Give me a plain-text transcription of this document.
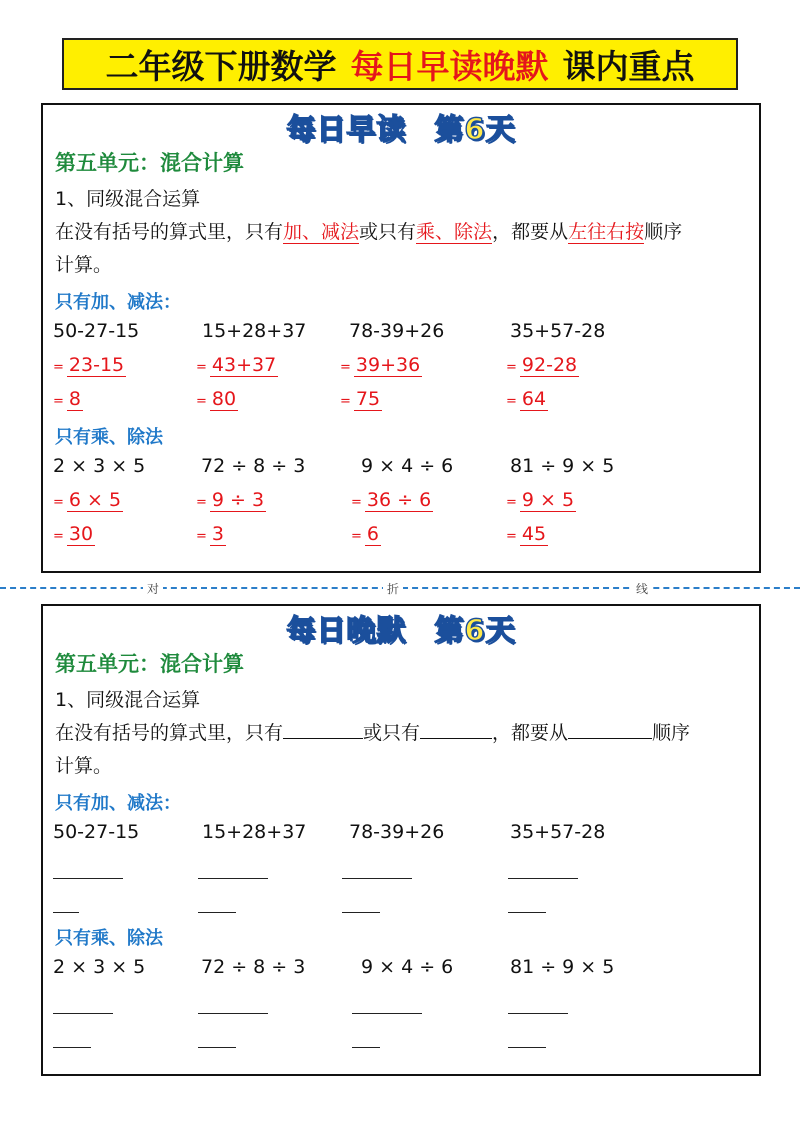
二年级下册数学 每日早读晚默 课内重点
每日早读 第6天
第五单元：混合计算
1、同级混合运算
在没有括号的算式里，只有加、减法或只有乘、除法，都要从左往右按顺序
计算。
只有加、减法：
50-27-15	15+28+37 78-39+26	35+57-28
= 23-15	= 43+37	= 39+36	= 92-28
= 8	= 80	= 75	= 64
只有乘、除法
2 × 3 × 5	72 ÷ 8 ÷ 3	9 × 4 ÷ 6	81 ÷ 9 × 5
= 6 × 5	= 9 ÷ 3	= 36 ÷ 6	= 9 × 5
= 30	= 3	= 6	= 45
对	折	线
每日晚默 第6天
第五单元：混合计算
1、同级混合运算
在没有括号的算式里，只有	或只有	，都要从	顺序
计算。
只有加、减法：
50-27-15	15+28+37 78-39+26	35+57-28
只有乘、除法
2 × 3 × 5	72 ÷ 8 ÷ 3	9 × 4 ÷ 6	81 ÷ 9 × 5
